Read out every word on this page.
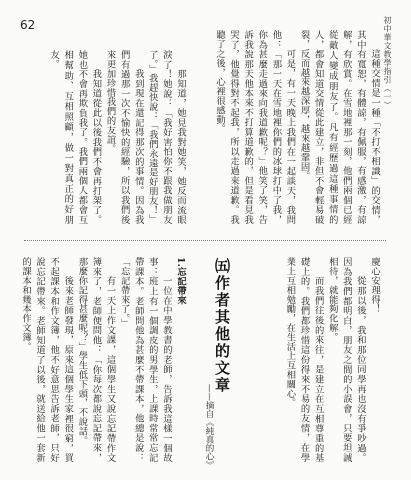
62	初中華文教學指引（一）

這種交情是一種「不打不相識」的交情，其中有寬恕，有體諒，有佩服，有感激，有諒解，有欣賞。在雪地裡那一刻，他們兩個已經從敵人變成朋友了。凡有經歷過這種事情的人，都會知道交情從此建立，非但不會輕易破裂，反而越來越深厚，越來越鞏固。

可是，有一天晚上我們在一起談天，我問他：「那一天在雪地裡你們的冰球打中了我，你為甚麼走過來向我道歉呢？」他笑了笑，告訴我說那天他本來不打算道歉的，但是看見我哭了，他覺得對不起我，所以走過來道歉。我聽了之後，心裡很感動。

那知道，她見我對她笑，她反而流眼淚了！她說：「我好害怕你不跟我做朋友了。」我趕快說：「我們永遠是好朋友！」

我到現在還記得那次的事情。因為我們有過那一次不愉快的經驗，所以我們後來更加珍惜我們的友誼。

我知道從此以後我們不會再打架了。她也不會再欺負我了。我們兩個人都會互相幫助、互相照顧，做一對真正的好朋友。

慶心安理得！

從那以後，我和那位同學再也沒有爭吵過。因為我們都明白，朋友之間的小誤會，只要坦誠相待，就能夠化解。

而我們往後的來往，是建立在互相尊重的基礎上的。我們都珍惜這份得來不易的友情，在學業上互相勉勵，在生活上互相關心。

㈤作者其他的文章
——摘自《純真的心》

1.忘記帶來

一位在中學教書的老師，告訴我這樣一個故事：班上有一個調皮的男學生，上課時常常忘記帶課本。老師問他為甚麼不帶課本，他總是說：「忘記帶來了。」

有一天上作文課，這個學生又說忘記帶作文簿來了，老師便問他：「你每次都說忘記帶來，那麼你記得甚麼呢？」學生低下頭，不說話。

後來老師發現，原來這個學生家裡很窮，買不起課本和作文簿，他不好意思告訴老師，只好說忘記帶來。老師知道了以後，就送給他一套新的課本和幾本作文簿。
